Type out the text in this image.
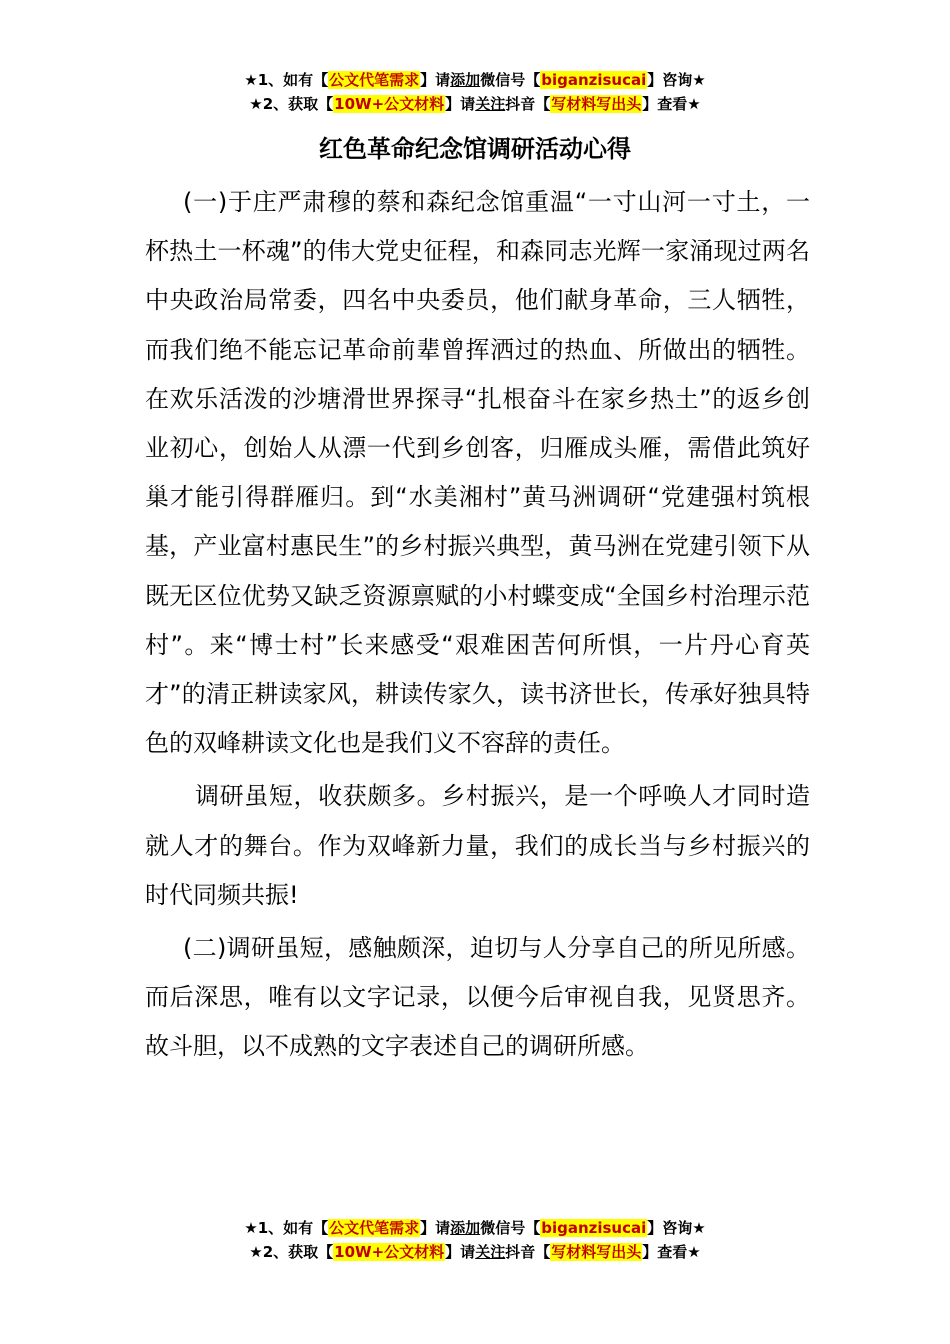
★1、如有【公文代笔需求】请添加微信号【biganzisucai】咨询★
★2、获取【10W+公文材料】请关注抖音【写材料写出头】查看★
红色革命纪念馆调研活动心得

(一)于庄严肃穆的蔡和森纪念馆重温“一寸山河一寸土，一杯热土一杯魂”的伟大党史征程，和森同志光辉一家涌现过两名中央政治局常委，四名中央委员，他们献身革命，三人牺牲，而我们绝不能忘记革命前辈曾挥洒过的热血、所做出的牺牲。在欢乐活泼的沙塘滑世界探寻“扎根奋斗在家乡热土”的返乡创业初心，创始人从漂一代到乡创客，归雁成头雁，需借此筑好巢才能引得群雁归。到“水美湘村”黄马洲调研“党建强村筑根基，产业富村惠民生”的乡村振兴典型，黄马洲在党建引领下从既无区位优势又缺乏资源禀赋的小村蝶变成“全国乡村治理示范村”。来“博士村”长来感受“艰难困苦何所惧，一片丹心育英才”的清正耕读家风，耕读传家久，读书济世长，传承好独具特色的双峰耕读文化也是我们义不容辞的责任。

调研虽短，收获颇多。乡村振兴，是一个呼唤人才同时造就人才的舞台。作为双峰新力量，我们的成长当与乡村振兴的时代同频共振!

(二)调研虽短，感触颇深，迫切与人分享自己的所见所感。而后深思，唯有以文字记录，以便今后审视自我，见贤思齐。故斗胆，以不成熟的文字表述自己的调研所感。

★1、如有【公文代笔需求】请添加微信号【biganzisucai】咨询★
★2、获取【10W+公文材料】请关注抖音【写材料写出头】查看★
